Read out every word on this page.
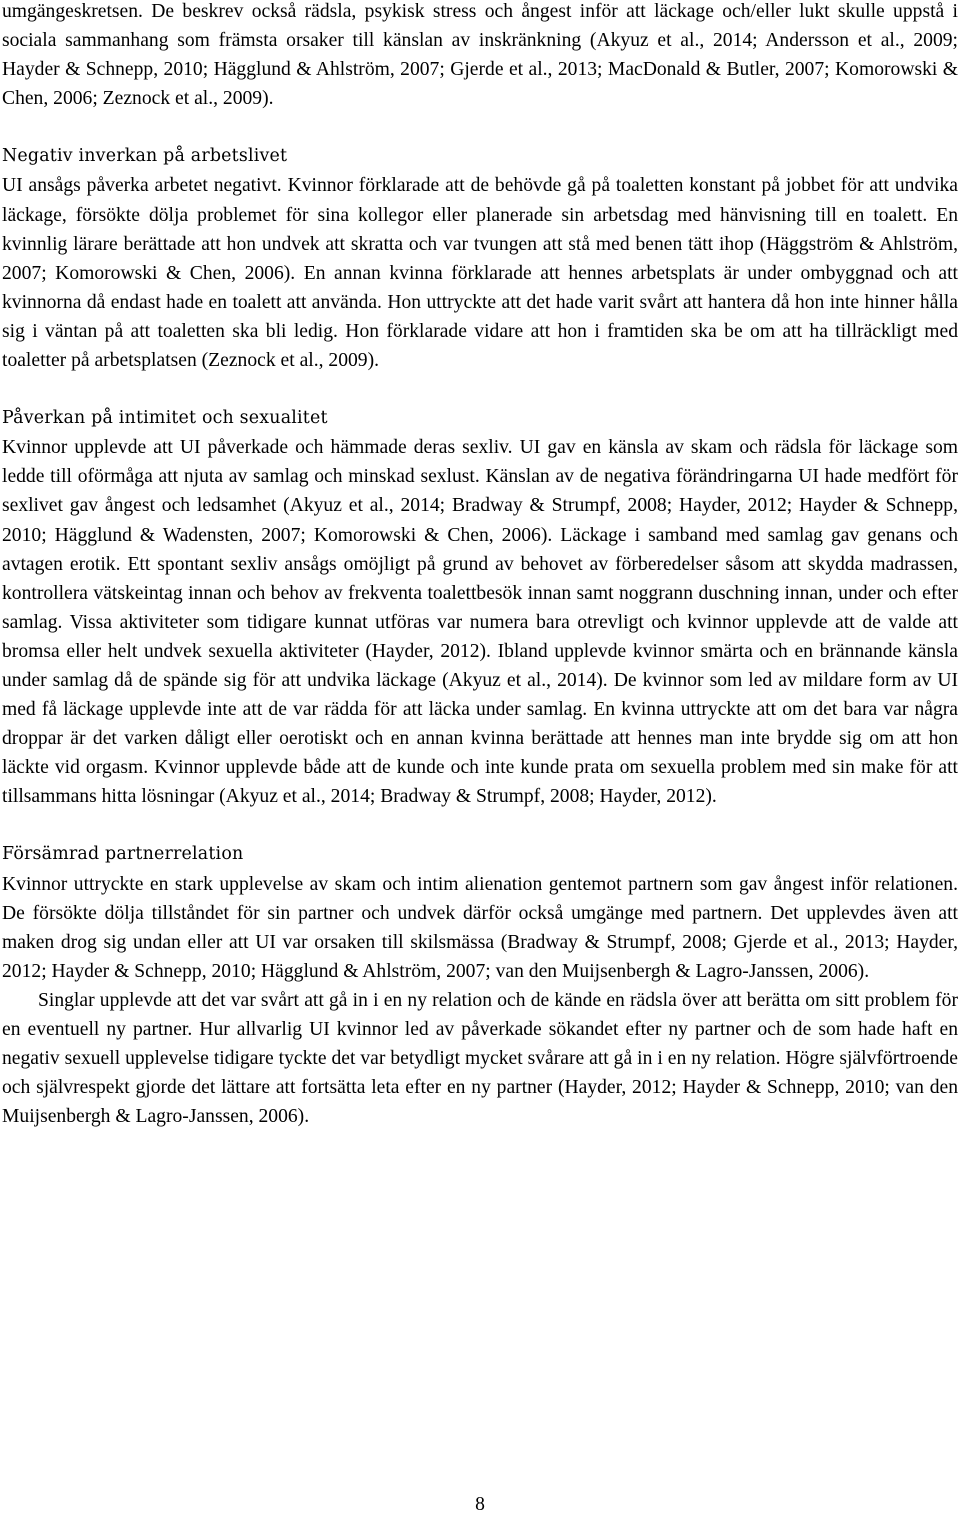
umgängeskretsen. De beskrev också rädsla, psykisk stress och ångest inför att läckage och/eller lukt skulle uppstå i sociala sammanhang som främsta orsaker till känslan av inskränkning (Akyuz et al., 2014; Andersson et al., 2009; Hayder & Schnepp, 2010; Hägglund & Ahlström, 2007; Gjerde et al., 2013; MacDonald & Butler, 2007; Komorowski & Chen, 2006; Zeznock et al., 2009).

Negativ inverkan på arbetslivet

UI ansågs påverka arbetet negativt. Kvinnor förklarade att de behövde gå på toaletten konstant på jobbet för att undvika läckage, försökte dölja problemet för sina kollegor eller planerade sin arbetsdag med hänvisning till en toalett. En kvinnlig lärare berättade att hon undvek att skratta och var tvungen att stå med benen tätt ihop (Häggström & Ahlström, 2007; Komorowski & Chen, 2006). En annan kvinna förklarade att hennes arbetsplats är under ombyggnad och att kvinnorna då endast hade en toalett att använda. Hon uttryckte att det hade varit svårt att hantera då hon inte hinner hålla sig i väntan på att toaletten ska bli ledig. Hon förklarade vidare att hon i framtiden ska be om att ha tillräckligt med toaletter på arbetsplatsen (Zeznock et al., 2009).

Påverkan på intimitet och sexualitet

Kvinnor upplevde att UI påverkade och hämmade deras sexliv. UI gav en känsla av skam och rädsla för läckage som ledde till oförmåga att njuta av samlag och minskad sexlust. Känslan av de negativa förändringarna UI hade medfört för sexlivet gav ångest och ledsamhet (Akyuz et al., 2014; Bradway & Strumpf, 2008; Hayder, 2012; Hayder & Schnepp, 2010; Hägglund & Wadensten, 2007; Komorowski & Chen, 2006). Läckage i samband med samlag gav genans och avtagen erotik. Ett spontant sexliv ansågs omöjligt på grund av behovet av förberedelser såsom att skydda madrassen, kontrollera vätskeintag innan och behov av frekventa toalettbesök innan samt noggrann duschning innan, under och efter samlag. Vissa aktiviteter som tidigare kunnat utföras var numera bara otrevligt och kvinnor upplevde att de valde att bromsa eller helt undvek sexuella aktiviteter (Hayder, 2012). Ibland upplevde kvinnor smärta och en brännande känsla under samlag då de spände sig för att undvika läckage (Akyuz et al., 2014). De kvinnor som led av mildare form av UI med få läckage upplevde inte att de var rädda för att läcka under samlag. En kvinna uttryckte att om det bara var några droppar är det varken dåligt eller oerotiskt och en annan kvinna berättade att hennes man inte brydde sig om att hon läckte vid orgasm. Kvinnor upplevde både att de kunde och inte kunde prata om sexuella problem med sin make för att tillsammans hitta lösningar (Akyuz et al., 2014; Bradway & Strumpf, 2008; Hayder, 2012).

Försämrad partnerrelation

Kvinnor uttryckte en stark upplevelse av skam och intim alienation gentemot partnern som gav ångest inför relationen. De försökte dölja tillståndet för sin partner och undvek därför också umgänge med partnern. Det upplevdes även att maken drog sig undan eller att UI var orsaken till skilsmässa (Bradway & Strumpf, 2008; Gjerde et al., 2013; Hayder, 2012; Hayder & Schnepp, 2010; Hägglund & Ahlström, 2007; van den Muijsenbergh & Lagro-Janssen, 2006).

Singlar upplevde att det var svårt att gå in i en ny relation och de kände en rädsla över att berätta om sitt problem för en eventuell ny partner. Hur allvarlig UI kvinnor led av påverkade sökandet efter ny partner och de som hade haft en negativ sexuell upplevelse tidigare tyckte det var betydligt mycket svårare att gå in i en ny relation. Högre självförtroende och självrespekt gjorde det lättare att fortsätta leta efter en ny partner (Hayder, 2012; Hayder & Schnepp, 2010; van den Muijsenbergh & Lagro-Janssen, 2006).

8
